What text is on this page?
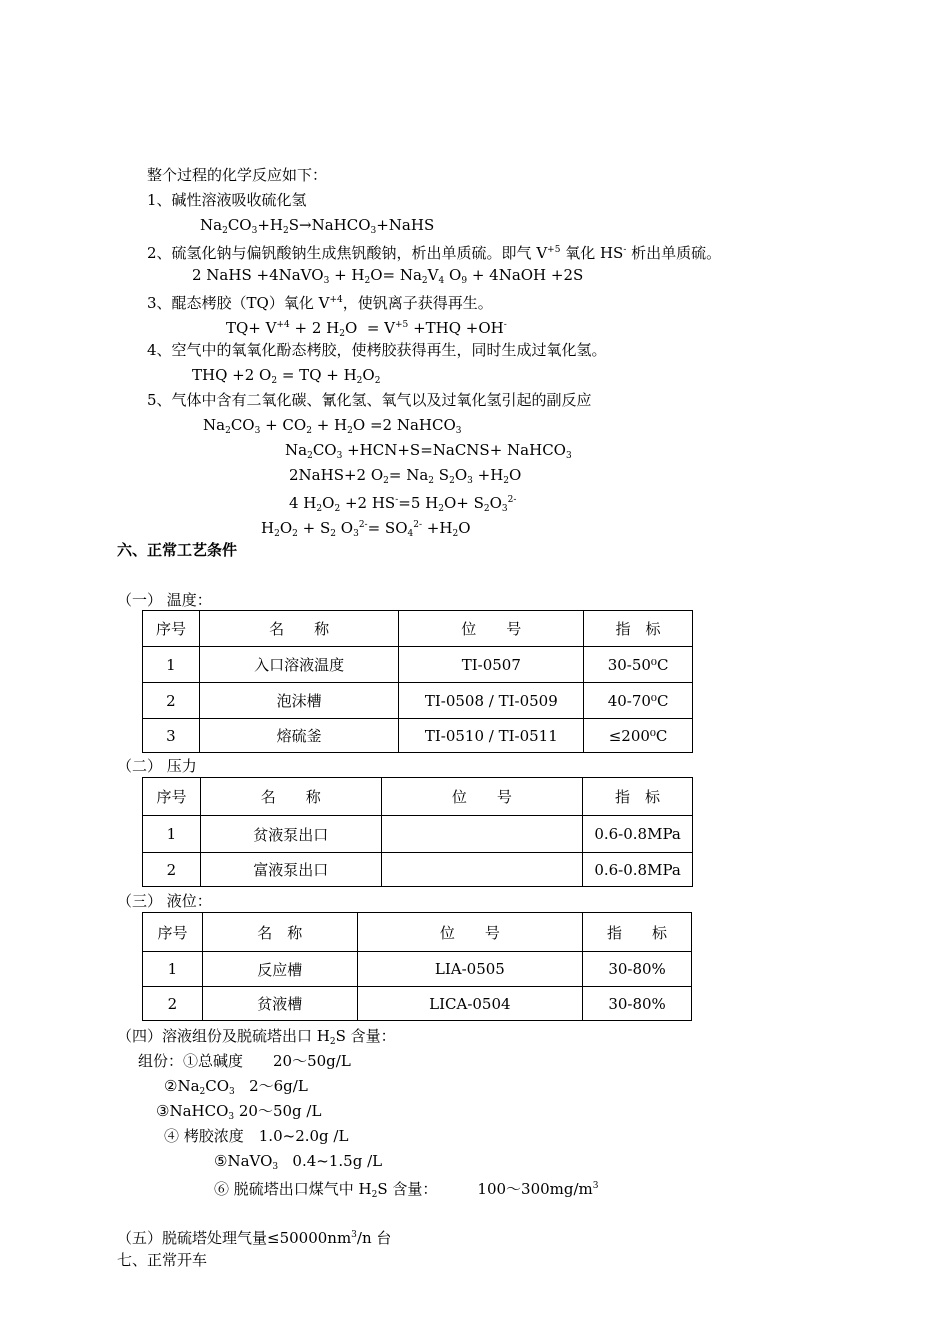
整个过程的化学反应如下：
1、碱性溶液吸收硫化氢
$Na_2CO_3+H_2S\to NaHCO_3+NaHS$
2、硫氢化钠与偏钒酸钠生成焦钒酸钠，析出单质硫。即气 $V^{+5}$ 氧化 HS- 析出单质硫。
2 NaHS +4NaVO$_3$ + $H_2O= Na_2V_4$ $O_9$ + 4NaOH +2S
3、醌态栲胶（TQ）氧化 $V^{+4}$，使钒离子获得再生。
$TQ+ V^{+4} + 2$ $H_2O = V^{+5} +THQ +OH^-$
4、空气中的氧氧化酚态栲胶，使栲胶获得再生，同时生成过氧化氢。
THQ +2 $O_2$ = TQ + $H_2O_2$
5、气体中含有二氧化碳、氰化氢、氧气以及过氧化氢引起的副反应
$Na_2CO_3 + CO_2 + H_2O =2$ NaHCO$_3$
$Na_2CO_3$ +HCN+S=NaCNS+ NaHCO$_3$
2NaHS+2 $O_2= Na_2$ $S_2O_3 +H_2O$
4 $H_2O_2 +2$ HS-=5 $H_2O+ S_2O_3^{2-}$
$H_2O_2 + S_2$ $O_3^{2-}= SO_4^{2-} +H_2O$
六、正常工艺条件
（一） 温度：
序号	名　　称	位　　号	指　标
1	入口溶液温度	TI-0507	30-50⁰C
2	泡沫槽	TI-0508 / TI-0509	40-70⁰C
3	熔硫釜	TI-0510 / TI-0511	≤200⁰C
（二） 压力
序号	名　　称	位　　号	指　标
1	贫液泵出口		0.6-0.8MPa
2	富液泵出口		0.6-0.8MPa
（三） 液位：
序号	名　称	位　　号	指　　标
1	反应槽	LIA-0505	30-80%
2	贫液槽	LICA-0504	30-80%
（四）溶液组份及脱硫塔出口 $H_2S$ 含量：
组份：①总碱度　　20～50g/L
$②Na_2CO_3$   2～6g/L
③NaHCO$_3$ 20～50g /L
④ 栲胶浓度　1.0~2.0g /L
⑤NaVO$_3$   0.4~1.5g /L
⑥ 脱硫塔出口煤气中 $H_2S$ 含量：	$100\sim 300mg/m^3$
（五）脱硫塔处理气量$\le 50000nm^3/n$ 台
七、正常开车
